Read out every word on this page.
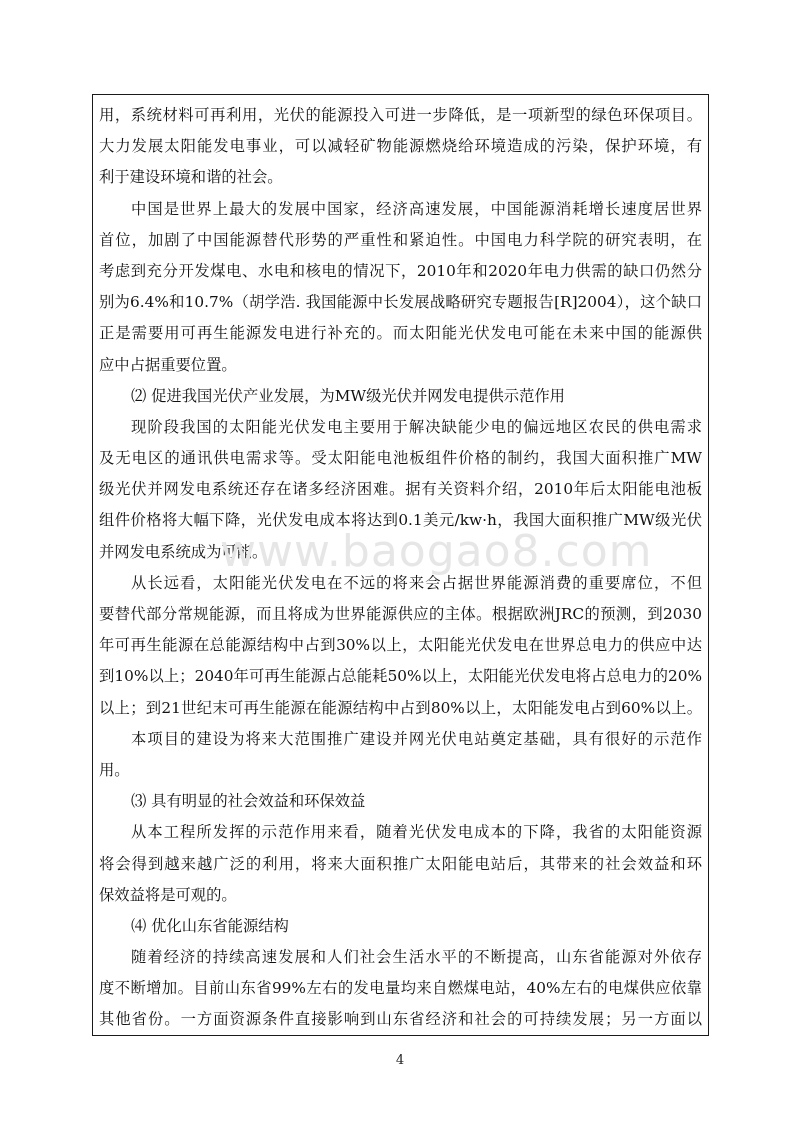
用，系统材料可再利用，光伏的能源投入可进一步降低，是一项新型的绿色环保项目。
大力发展太阳能发电事业，可以减轻矿物能源燃烧给环境造成的污染，保护环境，有
利于建设环境和谐的社会。
中国是世界上最大的发展中国家，经济高速发展，中国能源消耗增长速度居世界
首位，加剧了中国能源替代形势的严重性和紧迫性。中国电力科学院的研究表明，在
考虑到充分开发煤电、水电和核电的情况下，2010年和2020年电力供需的缺口仍然分
别为6.4%和10.7%（胡学浩. 我国能源中长发展战略研究专题报告[R]2004），这个缺口
正是需要用可再生能源发电进行补充的。而太阳能光伏发电可能在未来中国的能源供
应中占据重要位置。
⑵ 促进我国光伏产业发展，为MW级光伏并网发电提供示范作用
现阶段我国的太阳能光伏发电主要用于解决缺能少电的偏远地区农民的供电需求
及无电区的通讯供电需求等。受太阳能电池板组件价格的制约，我国大面积推广MW
级光伏并网发电系统还存在诸多经济困难。据有关资料介绍，2010年后太阳能电池板
组件价格将大幅下降，光伏发电成本将达到0.1美元/kw·h，我国大面积推广MW级光伏
并网发电系统成为可能。
从长远看，太阳能光伏发电在不远的将来会占据世界能源消费的重要席位，不但
要替代部分常规能源，而且将成为世界能源供应的主体。根据欧洲JRC的预测，到2030
年可再生能源在总能源结构中占到30%以上，太阳能光伏发电在世界总电力的供应中达
到10%以上；2040年可再生能源占总能耗50%以上，太阳能光伏发电将占总电力的20%
以上；到21世纪末可再生能源在能源结构中占到80%以上，太阳能发电占到60%以上。
本项目的建设为将来大范围推广建设并网光伏电站奠定基础，具有很好的示范作
用。
⑶ 具有明显的社会效益和环保效益
从本工程所发挥的示范作用来看，随着光伏发电成本的下降，我省的太阳能资源
将会得到越来越广泛的利用，将来大面积推广太阳能电站后，其带来的社会效益和环
保效益将是可观的。
⑷ 优化山东省能源结构
随着经济的持续高速发展和人们社会生活水平的不断提高，山东省能源对外依存
度不断增加。目前山东省99%左右的发电量均来自燃煤电站，40%左右的电煤供应依靠
其他省份。一方面资源条件直接影响到山东省经济和社会的可持续发展；另一方面以
www.baogao8.com
4
